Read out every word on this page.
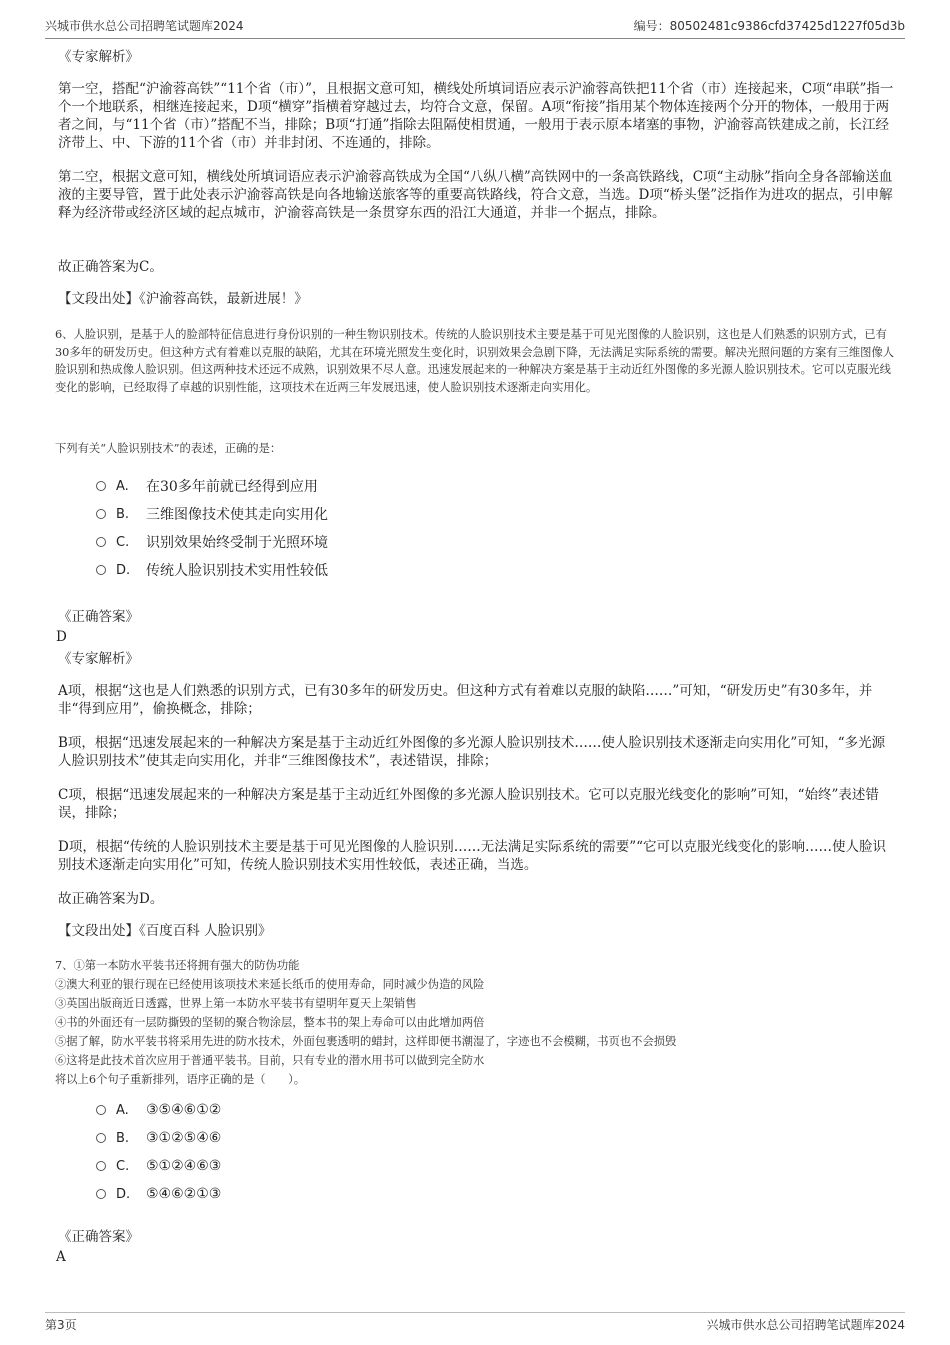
兴城市供水总公司招聘笔试题库2024	编号：80502481c9386cfd37425d1227f05d3b
《专家解析》

第一空，搭配“沪渝蓉高铁”“11个省（市）”，且根据文意可知，横线处所填词语应表示沪渝蓉高铁把11个省（市）连接起来，C项“串联”指一个一个地联系，相继连接起来，D项“横穿”指横着穿越过去，均符合文意，保留。A项“衔接”指用某个物体连接两个分开的物体，一般用于两者之间，与“11个省（市）”搭配不当，排除；B项“打通”指除去阻隔使相贯通，一般用于表示原本堵塞的事物，沪渝蓉高铁建成之前，长江经济带上、中、下游的11个省（市）并非封闭、不连通的，排除。

第二空，根据文意可知，横线处所填词语应表示沪渝蓉高铁成为全国“八纵八横”高铁网中的一条高铁路线，C项“主动脉”指向全身各部输送血液的主要导管，置于此处表示沪渝蓉高铁是向各地输送旅客等的重要高铁路线，符合文意，当选。D项“桥头堡”泛指作为进攻的据点，引申解释为经济带或经济区域的起点城市，沪渝蓉高铁是一条贯穿东西的沿江大通道，并非一个据点，排除。

故正确答案为C。
【文段出处】《沪渝蓉高铁，最新进展！》

6、人脸识别，是基于人的脸部特征信息进行身份识别的一种生物识别技术。传统的人脸识别技术主要是基于可见光图像的人脸识别，这也是人们熟悉的识别方式，已有30多年的研发历史。但这种方式有着难以克服的缺陷，尤其在环境光照发生变化时，识别效果会急剧下降，无法满足实际系统的需要。解决光照问题的方案有三维图像人脸识别和热成像人脸识别。但这两种技术还远不成熟，识别效果不尽人意。迅速发展起来的一种解决方案是基于主动近红外图像的多光源人脸识别技术。它可以克服光线变化的影响，已经取得了卓越的识别性能，这项技术在近两三年发展迅速，使人脸识别技术逐渐走向实用化。

下列有关“人脸识别技术”的表述，正确的是：
A.	在30多年前就已经得到应用
B.	三维图像技术使其走向实用化
C.	识别效果始终受制于光照环境
D.	传统人脸识别技术实用性较低
《正确答案》
D
《专家解析》

A项，根据“这也是人们熟悉的识别方式，已有30多年的研发历史。但这种方式有着难以克服的缺陷……”可知，“研发历史”有30多年，并非“得到应用”，偷换概念，排除；

B项，根据“迅速发展起来的一种解决方案是基于主动近红外图像的多光源人脸识别技术……使人脸识别技术逐渐走向实用化”可知，“多光源人脸识别技术”使其走向实用化，并非“三维图像技术”，表述错误，排除；

C项，根据“迅速发展起来的一种解决方案是基于主动近红外图像的多光源人脸识别技术。它可以克服光线变化的影响”可知，“始终”表述错误，排除；

D项，根据“传统的人脸识别技术主要是基于可见光图像的人脸识别……无法满足实际系统的需要”“它可以克服光线变化的影响……使人脸识别技术逐渐走向实用化”可知，传统人脸识别技术实用性较低，表述正确，当选。

故正确答案为D。
【文段出处】《百度百科 人脸识别》
7、①第一本防水平装书还将拥有强大的防伪功能
②澳大利亚的银行现在已经使用该项技术来延长纸币的使用寿命，同时减少伪造的风险
③英国出版商近日透露，世界上第一本防水平装书有望明年夏天上架销售
④书的外面还有一层防撕毁的坚韧的聚合物涂层，整本书的架上寿命可以由此增加两倍
⑤据了解，防水平装书将采用先进的防水技术，外面包裹透明的蜡封，这样即便书潮湿了，字迹也不会模糊，书页也不会损毁
⑥这将是此技术首次应用于普通平装书。目前，只有专业的潜水用书可以做到完全防水
将以上6个句子重新排列，语序正确的是（　　）。
A.	③⑤④⑥①②
B.	③①②⑤④⑥
C.	⑤①②④⑥③
D.	⑤④⑥②①③
《正确答案》
A
第3页	兴城市供水总公司招聘笔试题库2024
